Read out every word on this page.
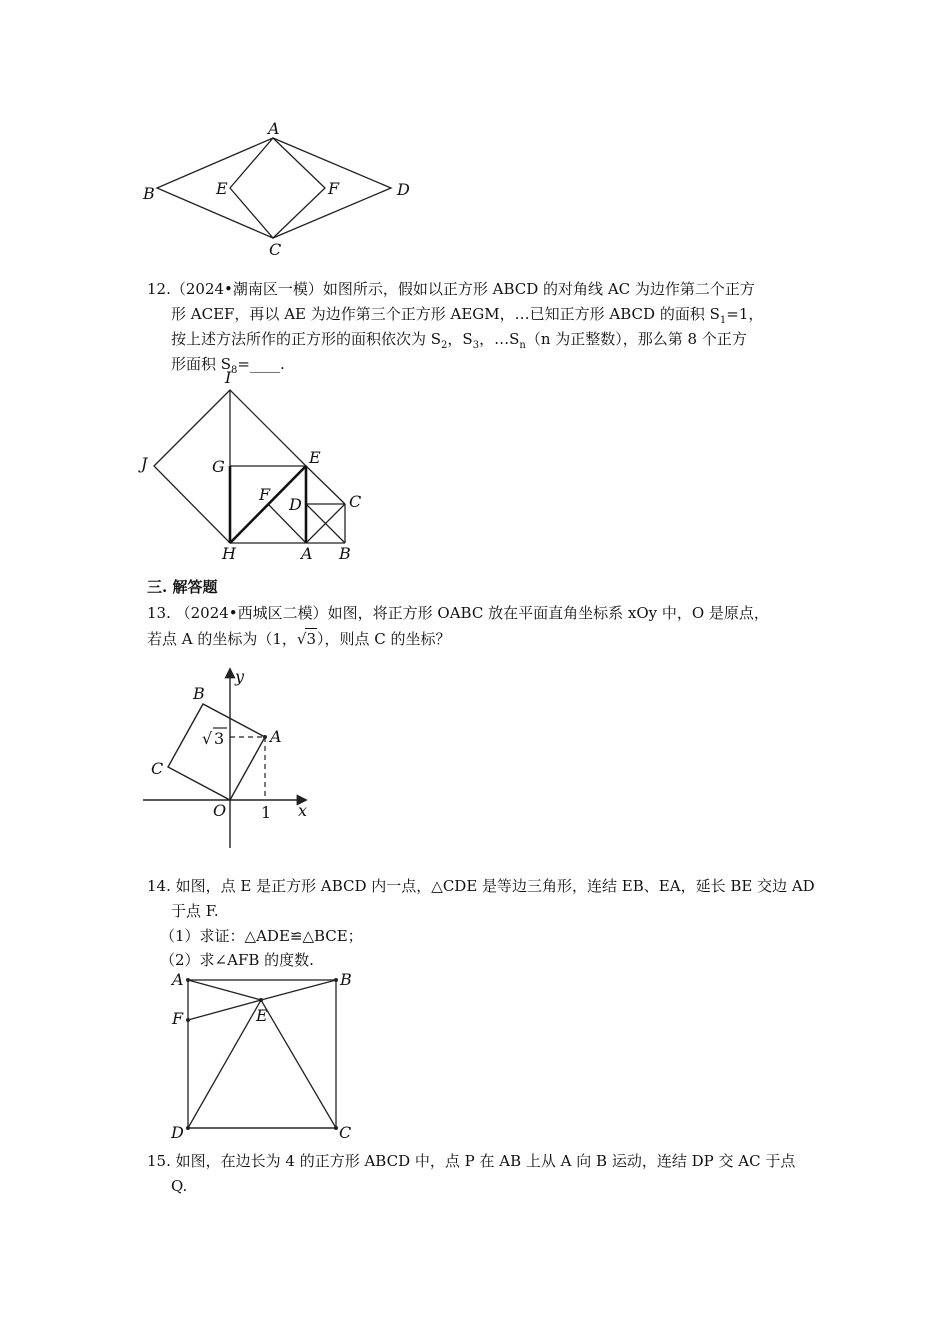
A
B
C
D
E	F
12.（2024•潮南区一模）如图所示，假如以正方形 ABCD 的对角线 AC 为边作第二个正方
形 ACEF，再以 AE 为边作第三个正方形 AEGM，…已知正方形 ABCD 的面积 $S_1=1$，
按上述方法所作的正方形的面积依次为 $S_2$，$S_3$，$\dots S_n(n$ 为正整数），那么第 8 个正方
形面积 $S_8=\_\_\_\_$.
I
J	G	E
F
D	C
H	A B
三. 解答题
13. （2024•西城区二模）如图，将正方形 OABC 放在平面直角坐标系 xOy 中，O 是原点，
若点 A 的坐标为（1，√3），则点 C 的坐标？
y
x
B
A
C
O 1
√ 3
14. 如图，点 E 是正方形 ABCD 内一点，△CDE 是等边三角形，连结 EB、EA，延长 BE 交边 AD
于点 F.
（1）求证：△ADE≌△BCE；
（2）求∠AFB 的度数.
A	B
F	E
D	C
15. 如图，在边长为 4 的正方形 ABCD 中，点 P 在 AB 上从 A 向 B 运动，连结 DP 交 AC 于点
Q.
